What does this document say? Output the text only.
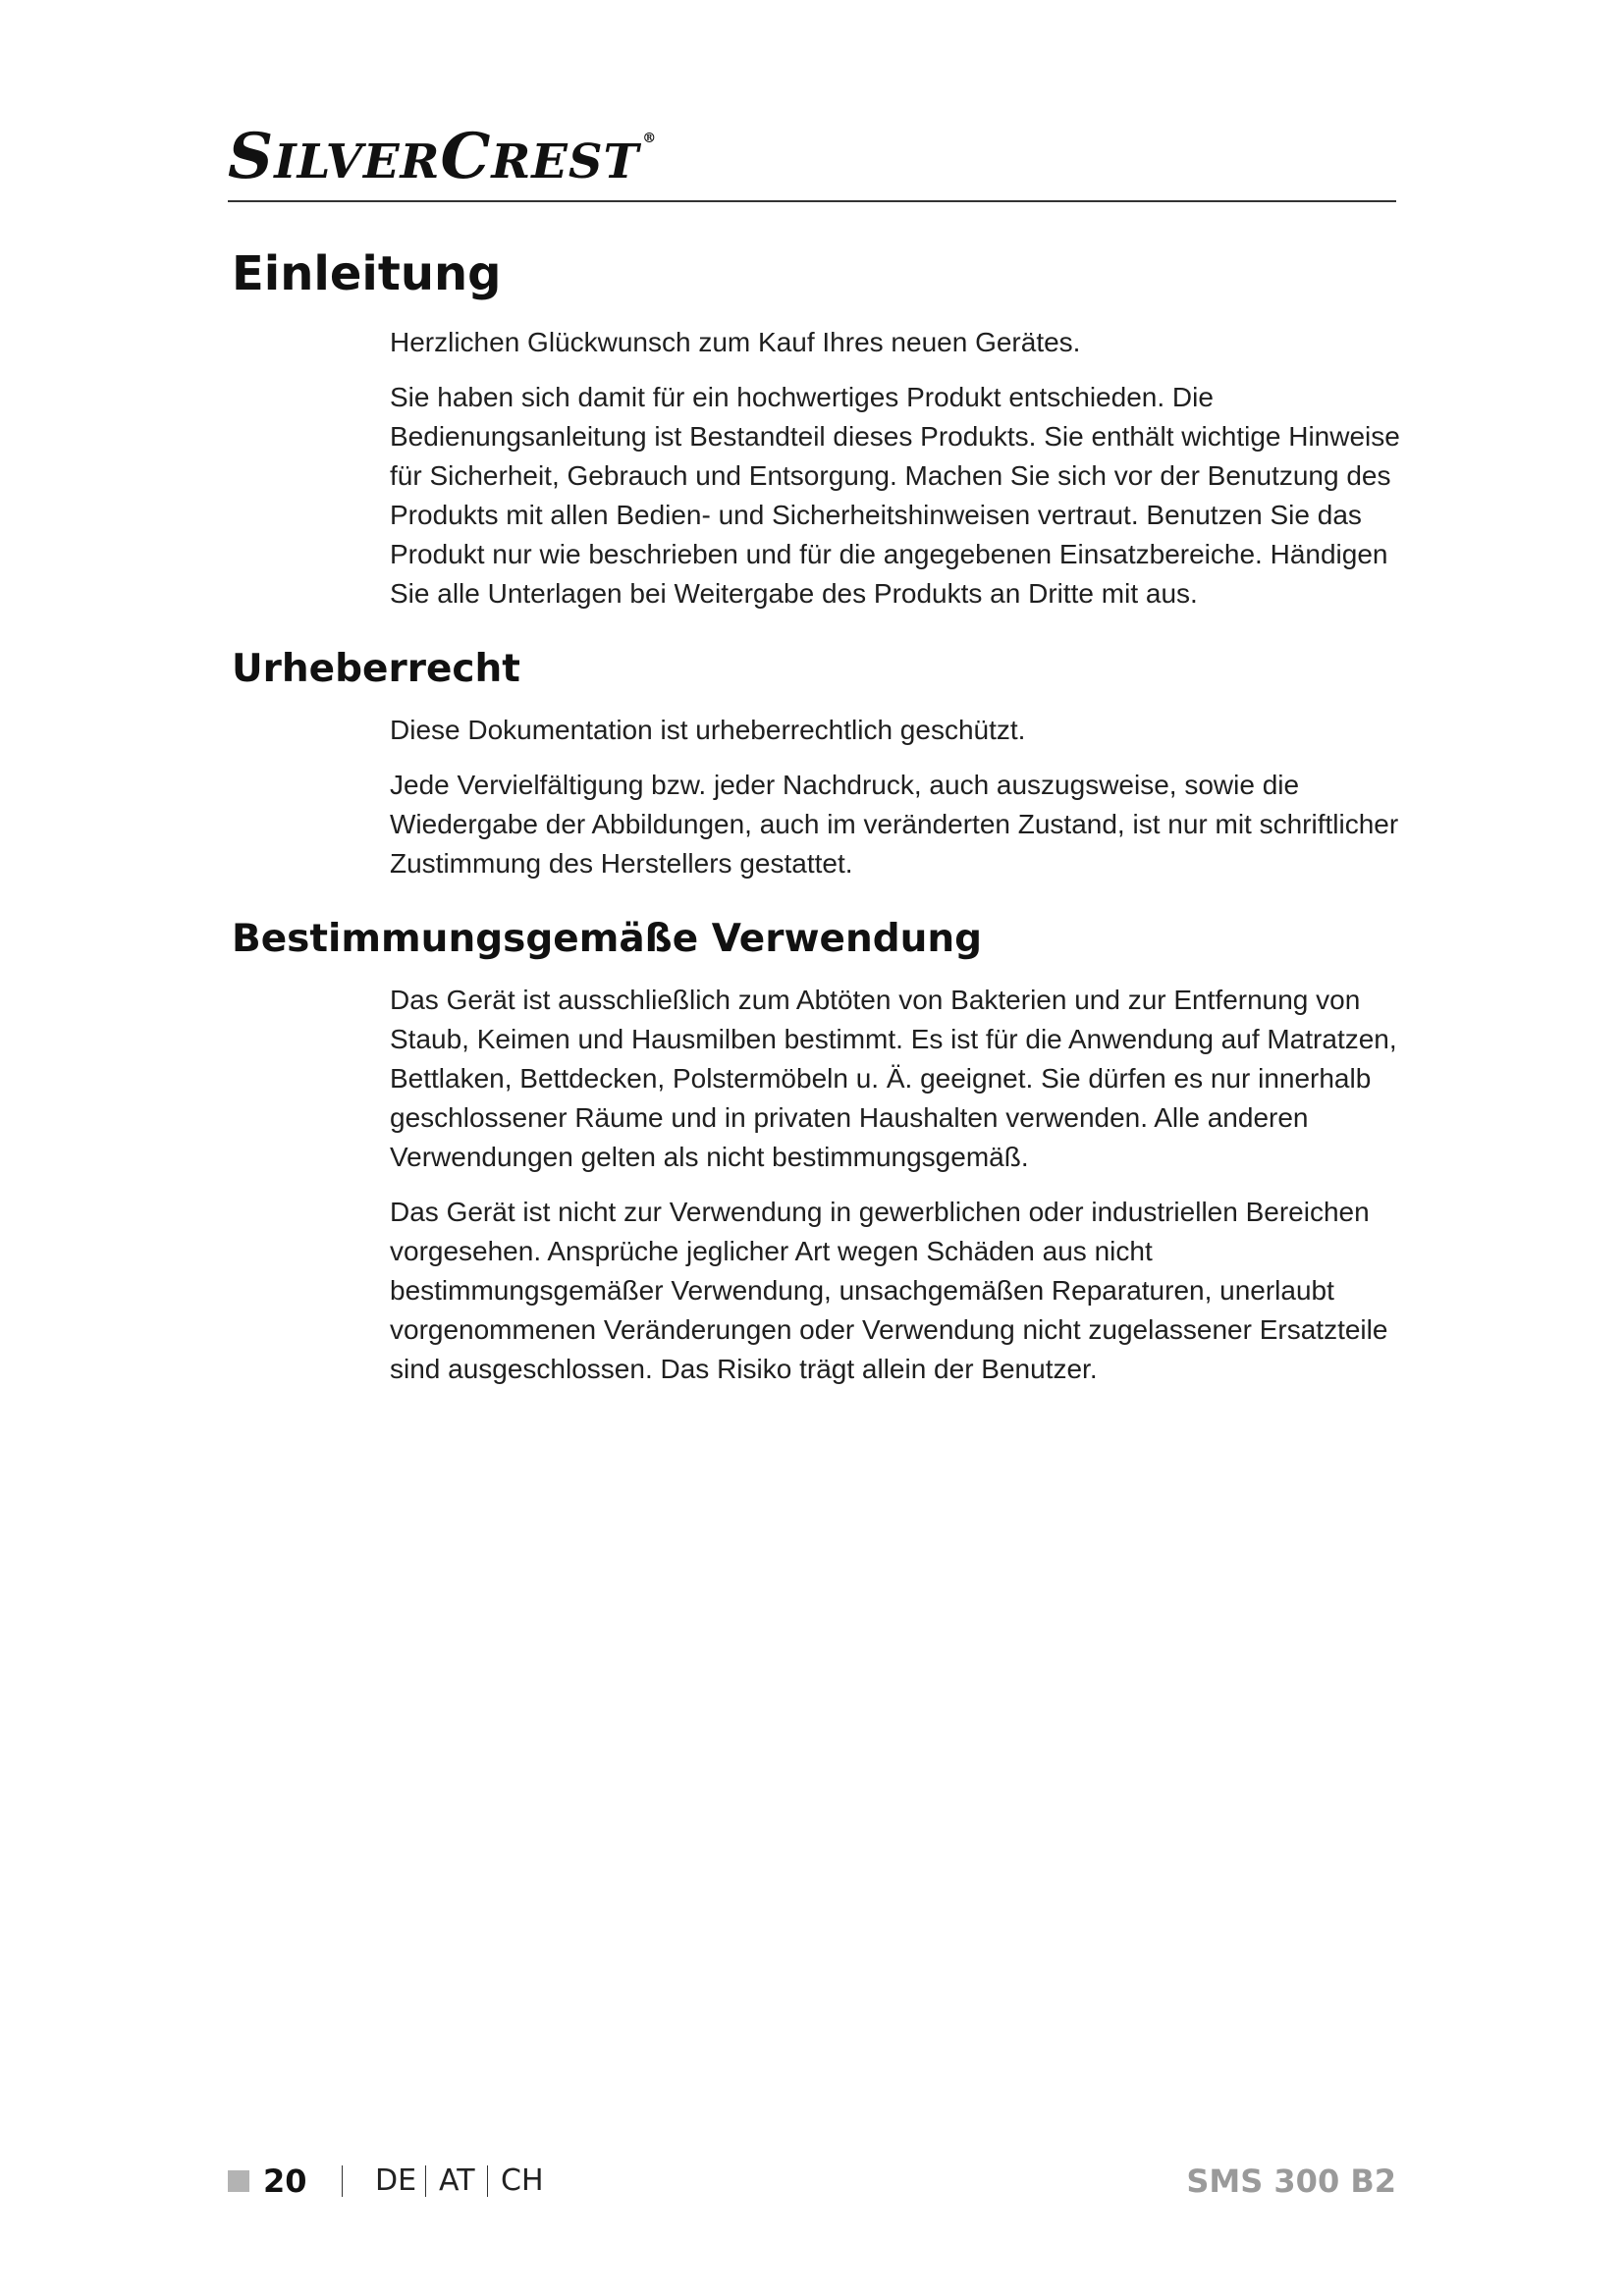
SILVERCREST ®
Einleitung

Herzlichen Glückwunsch zum Kauf Ihres neuen Gerätes.

Sie haben sich damit für ein hochwertiges Produkt entschieden. Die Bedienungsanleitung ist Bestandteil dieses Produkts. Sie enthält wichtige Hinweise für Sicherheit, Gebrauch und Entsorgung. Machen Sie sich vor der Benutzung des Produkts mit allen Bedien- und Sicherheitshinweisen vertraut. Benutzen Sie das Produkt nur wie beschrieben und für die angegebenen Einsatzbereiche. Händigen Sie alle Unterlagen bei Weitergabe des Produkts an Dritte mit aus.

Urheberrecht

Diese Dokumentation ist urheberrechtlich geschützt.

Jede Vervielfältigung bzw. jeder Nachdruck, auch auszugsweise, sowie die Wiedergabe der Abbildungen, auch im veränderten Zustand, ist nur mit schriftlicher Zustimmung des Herstellers gestattet.

Bestimmungsgemäße Verwendung

Das Gerät ist ausschließlich zum Abtöten von Bakterien und zur Entfernung von Staub, Keimen und Hausmilben bestimmt. Es ist für die Anwendung auf Matratzen, Bettlaken, Bettdecken, Polstermöbeln u. Ä. geeignet. Sie dürfen es nur innerhalb geschlossener Räume und in privaten Haushalten verwenden. Alle anderen Verwendungen gelten als nicht bestimmungsgemäß.

Das Gerät ist nicht zur Verwendung in gewerblichen oder industriellen Bereichen vorgesehen. Ansprüche jeglicher Art wegen Schäden aus nicht bestimmungsgemäßer Verwendung, unsachgemäßen Reparaturen, unerlaubt vorgenommenen Veränderungen oder Verwendung nicht zugelassener Ersatzteile sind ausgeschlossen. Das Risiko trägt allein der Benutzer.

20 DE AT CH	SMS 300 B2
